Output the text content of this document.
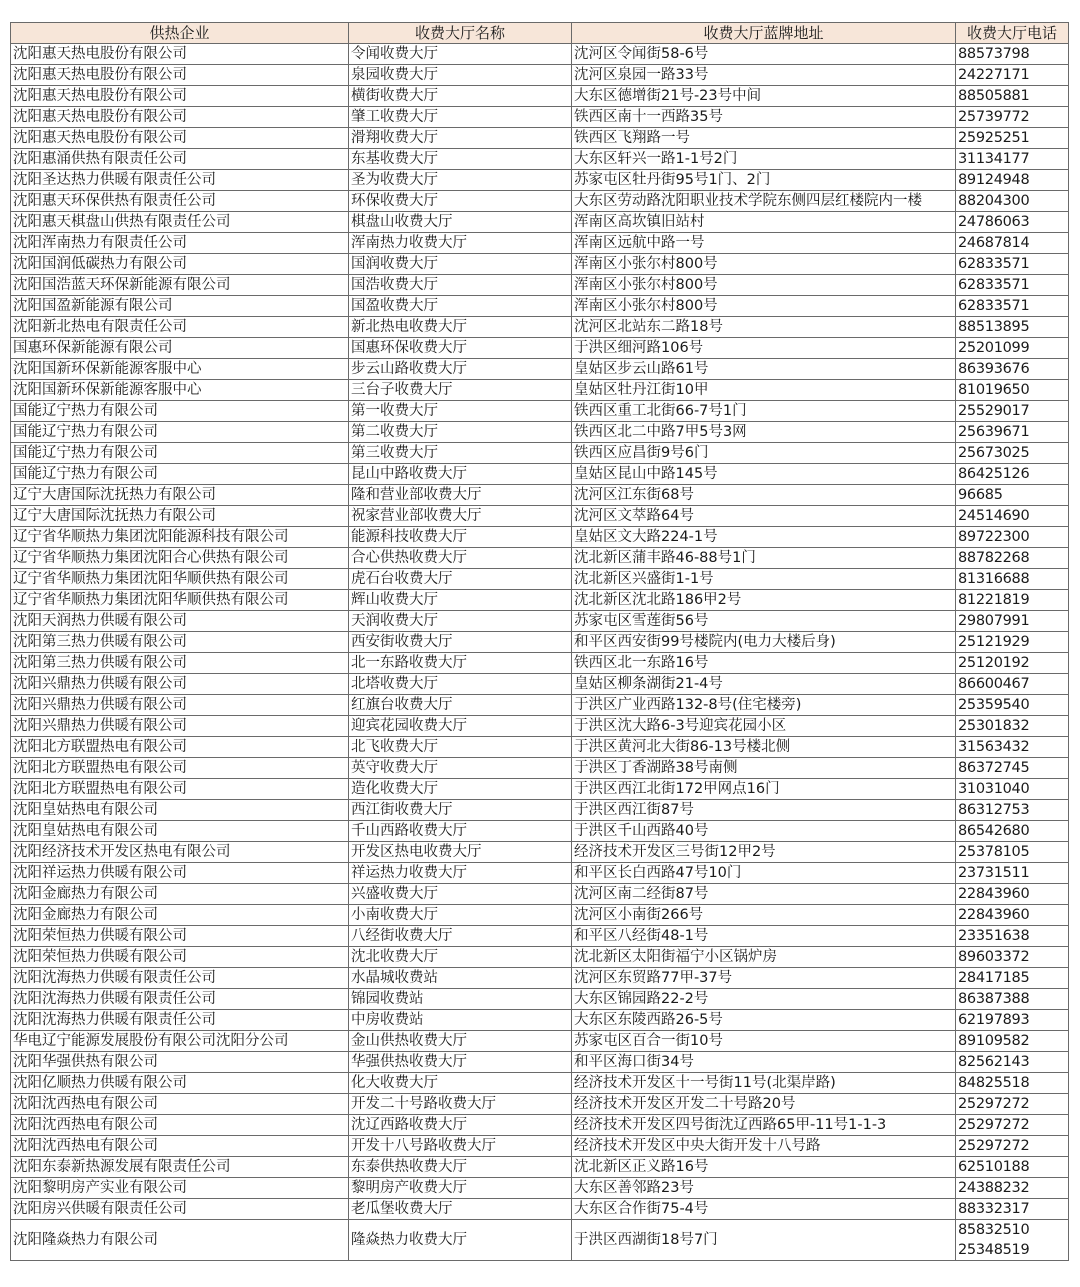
供热企业	收费大厅名称	收费大厅蓝牌地址	收费大厅电话
沈阳惠天热电股份有限公司	令闻收费大厅	沈河区令闻街58-6号	88573798
沈阳惠天热电股份有限公司	泉园收费大厅	沈河区泉园一路33号	24227171
沈阳惠天热电股份有限公司	横街收费大厅	大东区德增街21号-23号中间	88505881
沈阳惠天热电股份有限公司	肇工收费大厅	铁西区南十一西路35号	25739772
沈阳惠天热电股份有限公司	滑翔收费大厅	铁西区飞翔路一号	25925251
沈阳惠涌供热有限责任公司	东基收费大厅	大东区轩兴一路1-1号2门	31134177
沈阳圣达热力供暖有限责任公司	圣为收费大厅	苏家屯区牡丹街95号1门、2门	89124948
沈阳惠天环保供热有限责任公司	环保收费大厅	大东区劳动路沈阳职业技术学院东侧四层红楼院内一楼	88204300
沈阳惠天棋盘山供热有限责任公司	棋盘山收费大厅	浑南区高坎镇旧站村	24786063
沈阳浑南热力有限责任公司	浑南热力收费大厅	浑南区远航中路一号	24687814
沈阳国润低碳热力有限公司	国润收费大厅	浑南区小张尔村800号	62833571
沈阳国浩蓝天环保新能源有限公司	国浩收费大厅	浑南区小张尔村800号	62833571
沈阳国盈新能源有限公司	国盈收费大厅	浑南区小张尔村800号	62833571
沈阳新北热电有限责任公司	新北热电收费大厅	沈河区北站东二路18号	88513895
国惠环保新能源有限公司	国惠环保收费大厅	于洪区细河路106号	25201099
沈阳国新环保新能源客服中心	步云山路收费大厅	皇姑区步云山路61号	86393676
沈阳国新环保新能源客服中心	三台子收费大厅	皇姑区牡丹江街10甲	81019650
国能辽宁热力有限公司	第一收费大厅	铁西区重工北街66-7号1门	25529017
国能辽宁热力有限公司	第二收费大厅	铁西区北二中路7甲5号3网	25639671
国能辽宁热力有限公司	第三收费大厅	铁西区应昌街9号6门	25673025
国能辽宁热力有限公司	昆山中路收费大厅	皇姑区昆山中路145号	86425126
辽宁大唐国际沈抚热力有限公司	隆和营业部收费大厅	沈河区江东街68号	96685
辽宁大唐国际沈抚热力有限公司	祝家营业部收费大厅	沈河区文萃路64号	24514690
辽宁省华顺热力集团沈阳能源科技有限公司	能源科技收费大厅	皇姑区文大路224-1号	89722300
辽宁省华顺热力集团沈阳合心供热有限公司	合心供热收费大厅	沈北新区蒲丰路46-88号1门	88782268
辽宁省华顺热力集团沈阳华顺供热有限公司	虎石台收费大厅	沈北新区兴盛街1-1号	81316688
辽宁省华顺热力集团沈阳华顺供热有限公司	辉山收费大厅	沈北新区沈北路186甲2号	81221819
沈阳天润热力供暖有限公司	天润收费大厅	苏家屯区雪莲街56号	29807991
沈阳第三热力供暖有限公司	西安街收费大厅	和平区西安街99号楼院内(电力大楼后身)	25121929
沈阳第三热力供暖有限公司	北一东路收费大厅	铁西区北一东路16号	25120192
沈阳兴鼎热力供暖有限公司	北塔收费大厅	皇姑区柳条湖街21-4号	86600467
沈阳兴鼎热力供暖有限公司	红旗台收费大厅	于洪区广业西路132-8号(住宅楼旁)	25359540
沈阳兴鼎热力供暖有限公司	迎宾花园收费大厅	于洪区沈大路6-3号迎宾花园小区	25301832
沈阳北方联盟热电有限公司	北飞收费大厅	于洪区黄河北大街86-13号楼北侧	31563432
沈阳北方联盟热电有限公司	英守收费大厅	于洪区丁香湖路38号南侧	86372745
沈阳北方联盟热电有限公司	造化收费大厅	于洪区西江北街172甲网点16门	31031040
沈阳皇姑热电有限公司	西江街收费大厅	于洪区西江街87号	86312753
沈阳皇姑热电有限公司	千山西路收费大厅	于洪区千山西路40号	86542680
沈阳经济技术开发区热电有限公司	开发区热电收费大厅	经济技术开发区三号街12甲2号	25378105
沈阳祥运热力供暖有限公司	祥运热力收费大厅	和平区长白西路47号10门	23731511
沈阳金廊热力有限公司	兴盛收费大厅	沈河区南二经街87号	22843960
沈阳金廊热力有限公司	小南收费大厅	沈河区小南街266号	22843960
沈阳荣恒热力供暖有限公司	八经街收费大厅	和平区八经街48-1号	23351638
沈阳荣恒热力供暖有限公司	沈北收费大厅	沈北新区太阳街福宁小区锅炉房	89603372
沈阳沈海热力供暖有限责任公司	水晶城收费站	沈河区东贸路77甲-37号	28417185
沈阳沈海热力供暖有限责任公司	锦园收费站	大东区锦园路22-2号	86387388
沈阳沈海热力供暖有限责任公司	中房收费站	大东区东陵西路26-5号	62197893
华电辽宁能源发展股份有限公司沈阳分公司	金山供热收费大厅	苏家屯区百合一街10号	89109582
沈阳华强供热有限公司	华强供热收费大厅	和平区海口街34号	82562143
沈阳亿顺热力供暖有限公司	化大收费大厅	经济技术开发区十一号街11号(北渠岸路)	84825518
沈阳沈西热电有限公司	开发二十号路收费大厅	经济技术开发区开发二十号路20号	25297272
沈阳沈西热电有限公司	沈辽西路收费大厅	经济技术开发区四号街沈辽西路65甲-11号1-1-3	25297272
沈阳沈西热电有限公司	开发十八号路收费大厅	经济技术开发区中央大街开发十八号路	25297272
沈阳东泰新热源发展有限责任公司	东泰供热收费大厅	沈北新区正义路16号	62510188
沈阳黎明房产实业有限公司	黎明房产收费大厅	大东区善邻路23号	24388232
沈阳房兴供暖有限责任公司	老瓜堡收费大厅	大东区合作街75-4号	88332317
沈阳隆焱热力有限公司	隆焱热力收费大厅	于洪区西湖街18号7门	85832510
25348519
